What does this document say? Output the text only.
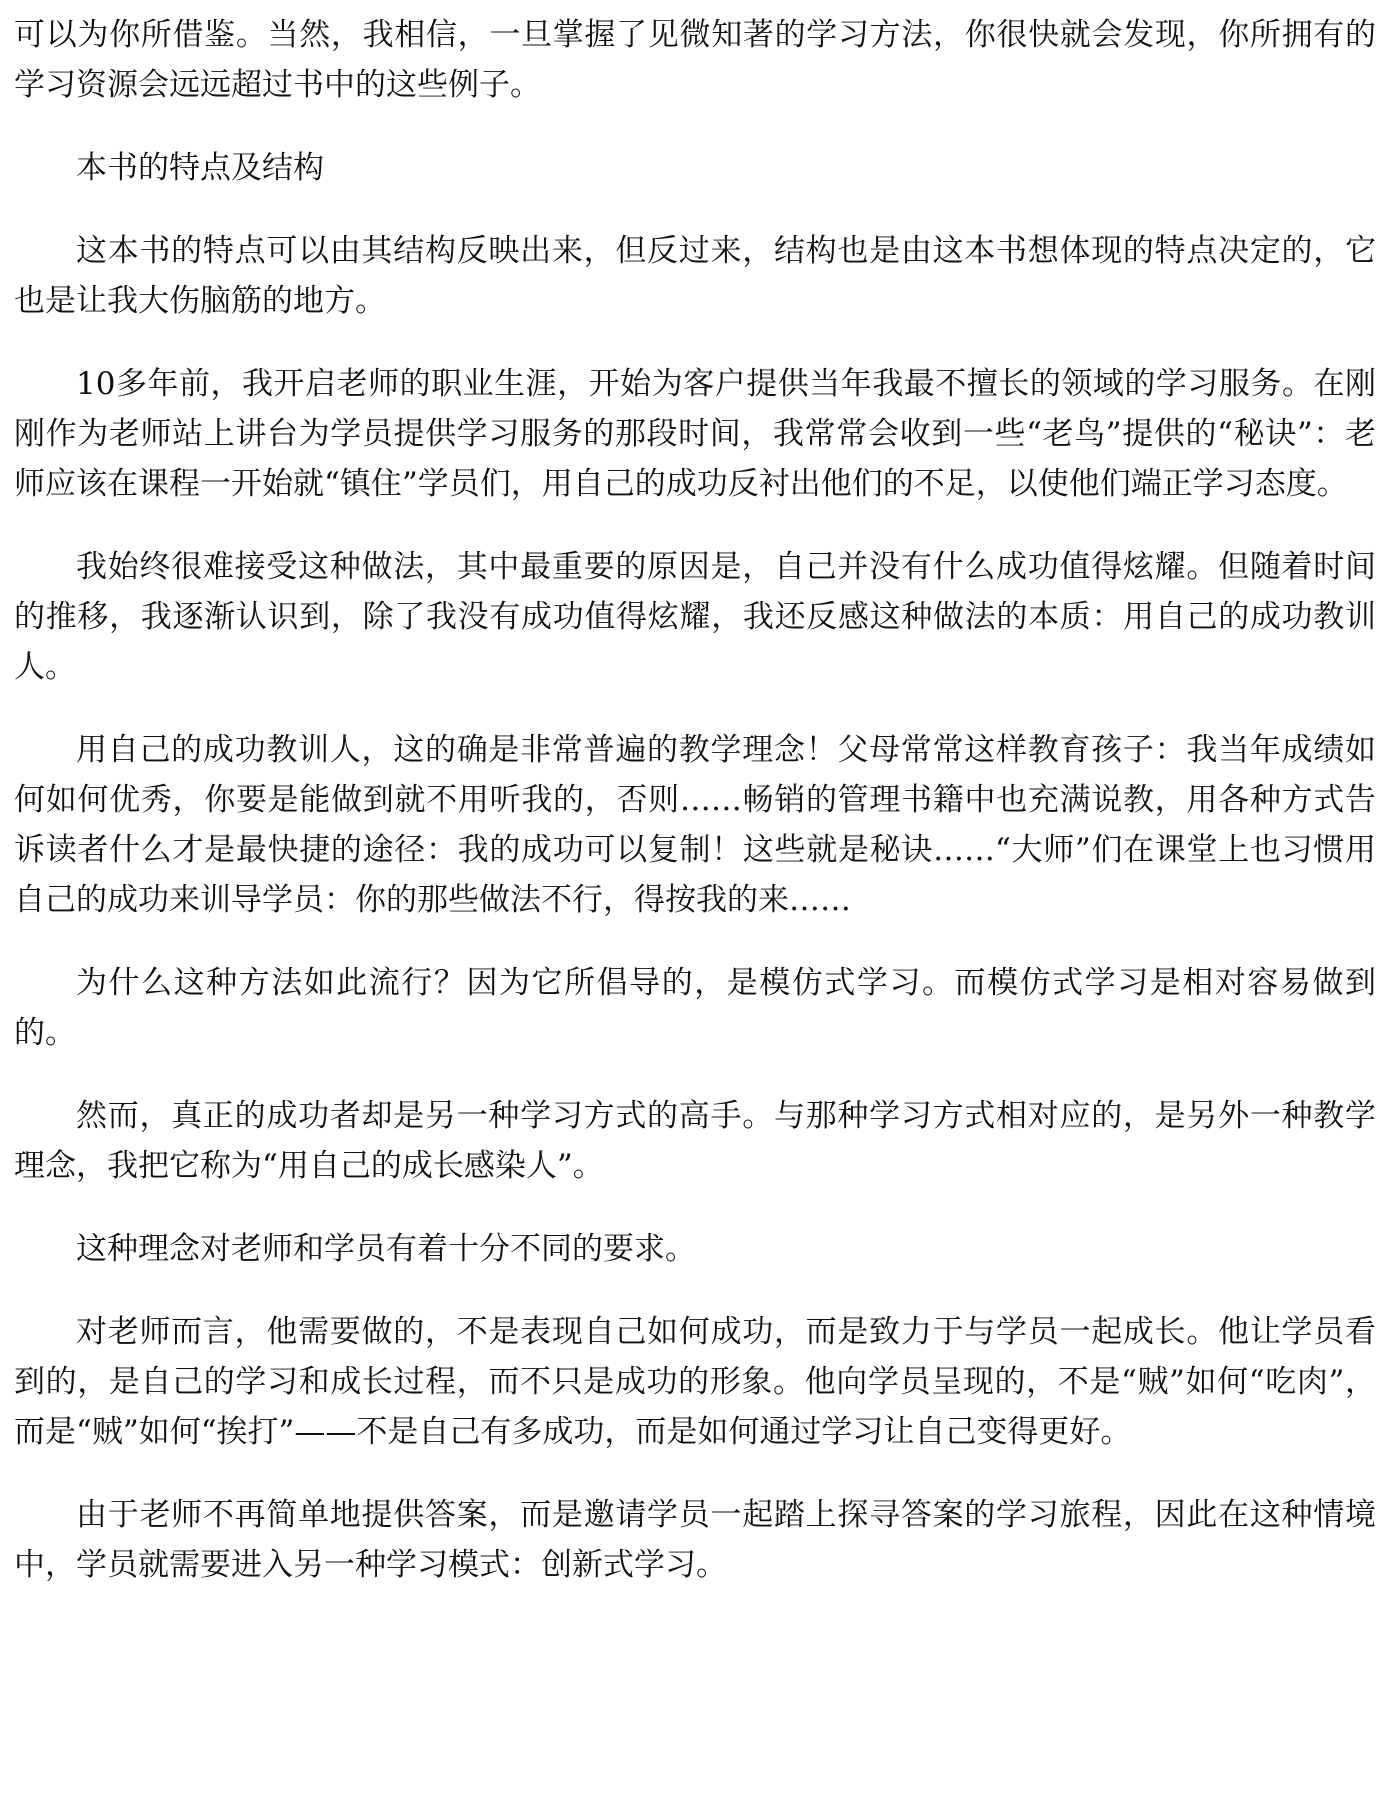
可以为你所借鉴。当然，我相信，一旦掌握了见微知著的学习方法，你很快就会发现，你所拥有的学习资源会远远超过书中的这些例子。

本书的特点及结构

这本书的特点可以由其结构反映出来，但反过来，结构也是由这本书想体现的特点决定的，它也是让我大伤脑筋的地方。

10多年前，我开启老师的职业生涯，开始为客户提供当年我最不擅长的领域的学习服务。在刚刚作为老师站上讲台为学员提供学习服务的那段时间，我常常会收到一些“老鸟”提供的“秘诀”：老师应该在课程一开始就“镇住”学员们，用自己的成功反衬出他们的不足，以使他们端正学习态度。

我始终很难接受这种做法，其中最重要的原因是，自己并没有什么成功值得炫耀。但随着时间的推移，我逐渐认识到，除了我没有成功值得炫耀，我还反感这种做法的本质：用自己的成功教训人。

用自己的成功教训人，这的确是非常普遍的教学理念！父母常常这样教育孩子：我当年成绩如何如何优秀，你要是能做到就不用听我的，否则……畅销的管理书籍中也充满说教，用各种方式告诉读者什么才是最快捷的途径：我的成功可以复制！这些就是秘诀……“大师”们在课堂上也习惯用自己的成功来训导学员：你的那些做法不行，得按我的来……

为什么这种方法如此流行？因为它所倡导的，是模仿式学习。而模仿式学习是相对容易做到的。

然而，真正的成功者却是另一种学习方式的高手。与那种学习方式相对应的，是另外一种教学理念，我把它称为“用自己的成长感染人”。

这种理念对老师和学员有着十分不同的要求。

对老师而言，他需要做的，不是表现自己如何成功，而是致力于与学员一起成长。他让学员看到的，是自己的学习和成长过程，而不只是成功的形象。他向学员呈现的，不是“贼”如何“吃肉”，而是“贼”如何“挨打”——不是自己有多成功，而是如何通过学习让自己变得更好。

由于老师不再简单地提供答案，而是邀请学员一起踏上探寻答案的学习旅程，因此在这种情境中，学员就需要进入另一种学习模式：创新式学习。
